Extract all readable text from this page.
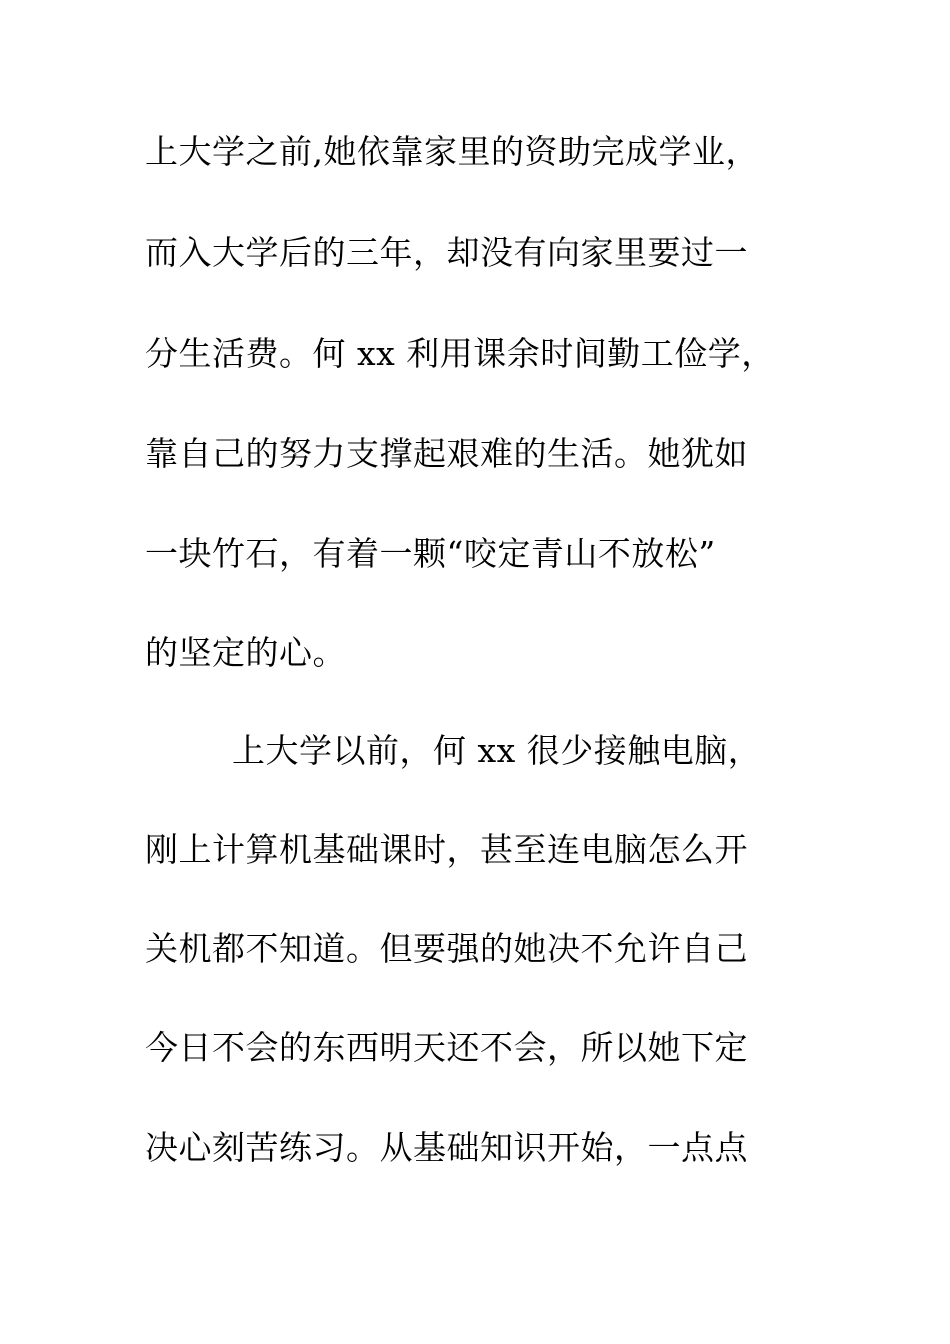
上大学之前,她依靠家里的资助完成学业，
而入大学后的三年，却没有向家里要过一
分生活费。何 xx 利用课余时间勤工俭学，
靠自己的努力支撑起艰难的生活。她犹如
一块竹石，有着一颗“咬定青山不放松”
的坚定的心。
上大学以前，何 xx 很少接触电脑，
刚上计算机基础课时，甚至连电脑怎么开
关机都不知道。但要强的她决不允许自己
今日不会的东西明天还不会，所以她下定
决心刻苦练习。从基础知识开始，一点点
